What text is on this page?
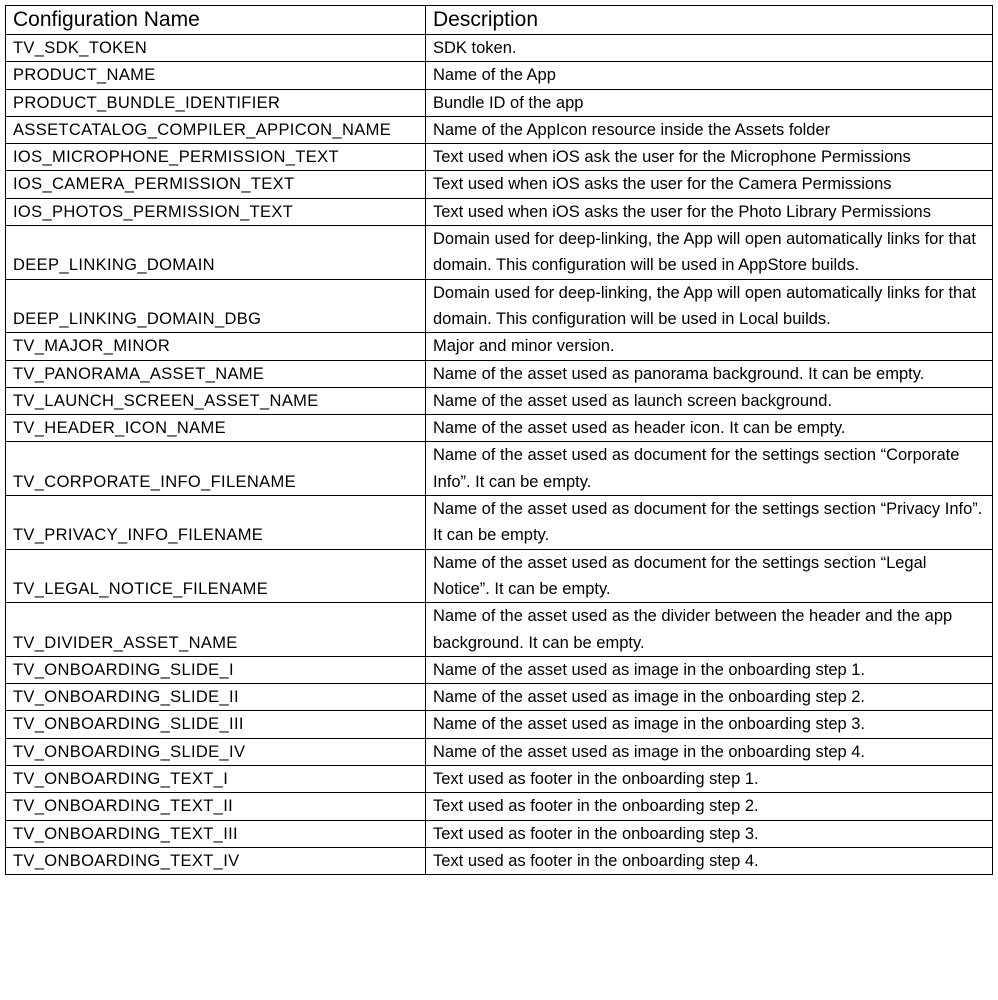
Configuration Name	Description
TV_SDK_TOKEN	SDK token.
PRODUCT_NAME	Name of the App
PRODUCT_BUNDLE_IDENTIFIER	Bundle ID of the app
ASSETCATALOG_COMPILER_APPICON_NAME	Name of the AppIcon resource inside the Assets folder
IOS_MICROPHONE_PERMISSION_TEXT	Text used when iOS ask the user for the Microphone Permissions
IOS_CAMERA_PERMISSION_TEXT	Text used when iOS asks the user for the Camera Permissions
IOS_PHOTOS_PERMISSION_TEXT	Text used when iOS asks the user for the Photo Library Permissions
DEEP_LINKING_DOMAIN	Domain used for deep-linking, the App will open automatically links for that domain. This configuration will be used in AppStore builds.
DEEP_LINKING_DOMAIN_DBG	Domain used for deep-linking, the App will open automatically links for that domain. This configuration will be used in Local builds.
TV_MAJOR_MINOR	Major and minor version.
TV_PANORAMA_ASSET_NAME	Name of the asset used as panorama background. It can be empty.
TV_LAUNCH_SCREEN_ASSET_NAME	Name of the asset used as launch screen background.
TV_HEADER_ICON_NAME	Name of the asset used as header icon. It can be empty.
TV_CORPORATE_INFO_FILENAME	Name of the asset used as document for the settings section “Corporate Info”. It can be empty.
TV_PRIVACY_INFO_FILENAME	Name of the asset used as document for the settings section “Privacy Info”. It can be empty.
TV_LEGAL_NOTICE_FILENAME	Name of the asset used as document for the settings section “Legal Notice”. It can be empty.
TV_DIVIDER_ASSET_NAME	Name of the asset used as the divider between the header and the app background. It can be empty.
TV_ONBOARDING_SLIDE_I	Name of the asset used as image in the onboarding step 1.
TV_ONBOARDING_SLIDE_II	Name of the asset used as image in the onboarding step 2.
TV_ONBOARDING_SLIDE_III	Name of the asset used as image in the onboarding step 3.
TV_ONBOARDING_SLIDE_IV	Name of the asset used as image in the onboarding step 4.
TV_ONBOARDING_TEXT_I	Text used as footer in the onboarding step 1.
TV_ONBOARDING_TEXT_II	Text used as footer in the onboarding step 2.
TV_ONBOARDING_TEXT_III	Text used as footer in the onboarding step 3.
TV_ONBOARDING_TEXT_IV	Text used as footer in the onboarding step 4.
